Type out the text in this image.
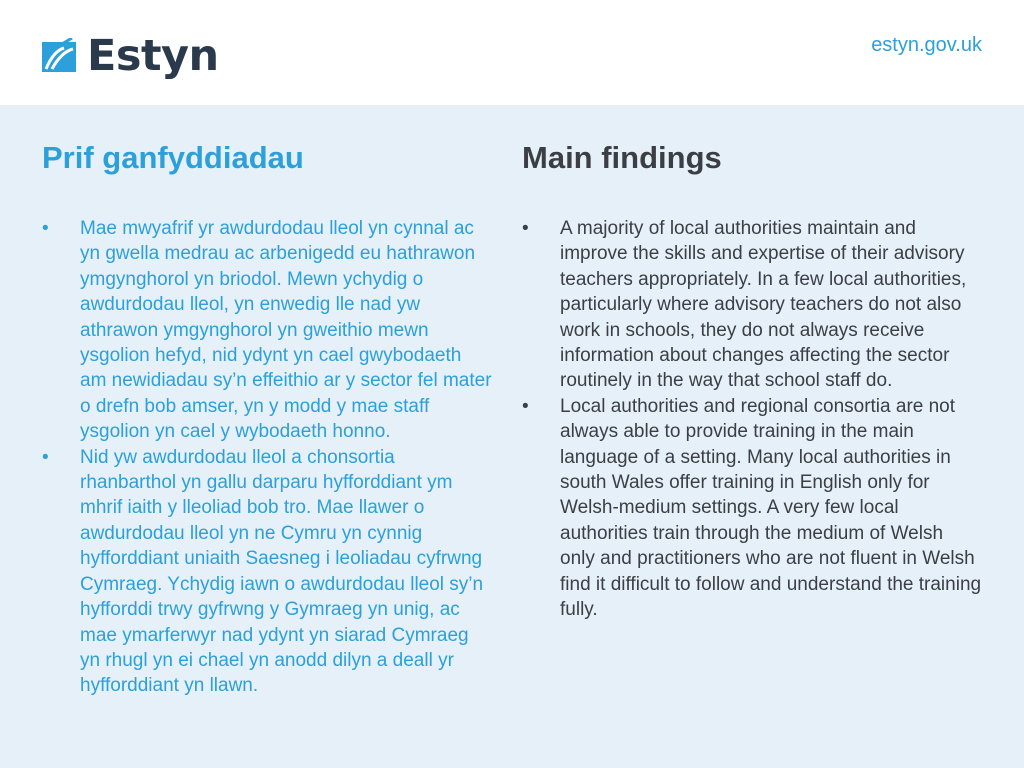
Estyn	estyn.gov.uk
Prif ganfyddiadau
• Mae mwyafrif yr awdurdodau lleol yn cynnal ac yn gwella medrau ac arbenigedd eu hathrawon ymgynghorol yn briodol. Mewn ychydig o awdurdodau lleol, yn enwedig lle nad yw athrawon ymgynghorol yn gweithio mewn ysgolion hefyd, nid ydynt yn cael gwybodaeth am newidiadau sy’n effeithio ar y sector fel mater o drefn bob amser, yn y modd y mae staff ysgolion yn cael y wybodaeth honno.
• Nid yw awdurdodau lleol a chonsortia rhanbarthol yn gallu darparu hyfforddiant ym mhrif iaith y lleoliad bob tro. Mae llawer o awdurdodau lleol yn ne Cymru yn cynnig hyfforddiant uniaith Saesneg i leoliadau cyfrwng Cymraeg. Ychydig iawn o awdurdodau lleol sy’n hyfforddi trwy gyfrwng y Gymraeg yn unig, ac mae ymarferwyr nad ydynt yn siarad Cymraeg yn rhugl yn ei chael yn anodd dilyn a deall yr hyfforddiant yn llawn.
Main findings
• A majority of local authorities maintain and improve the skills and expertise of their advisory teachers appropriately. In a few local authorities, particularly where advisory teachers do not also work in schools, they do not always receive information about changes affecting the sector routinely in the way that school staff do.
• Local authorities and regional consortia are not always able to provide training in the main language of a setting. Many local authorities in south Wales offer training in English only for Welsh-medium settings. A very few local authorities train through the medium of Welsh only and practitioners who are not fluent in Welsh find it difficult to follow and understand the training fully.
